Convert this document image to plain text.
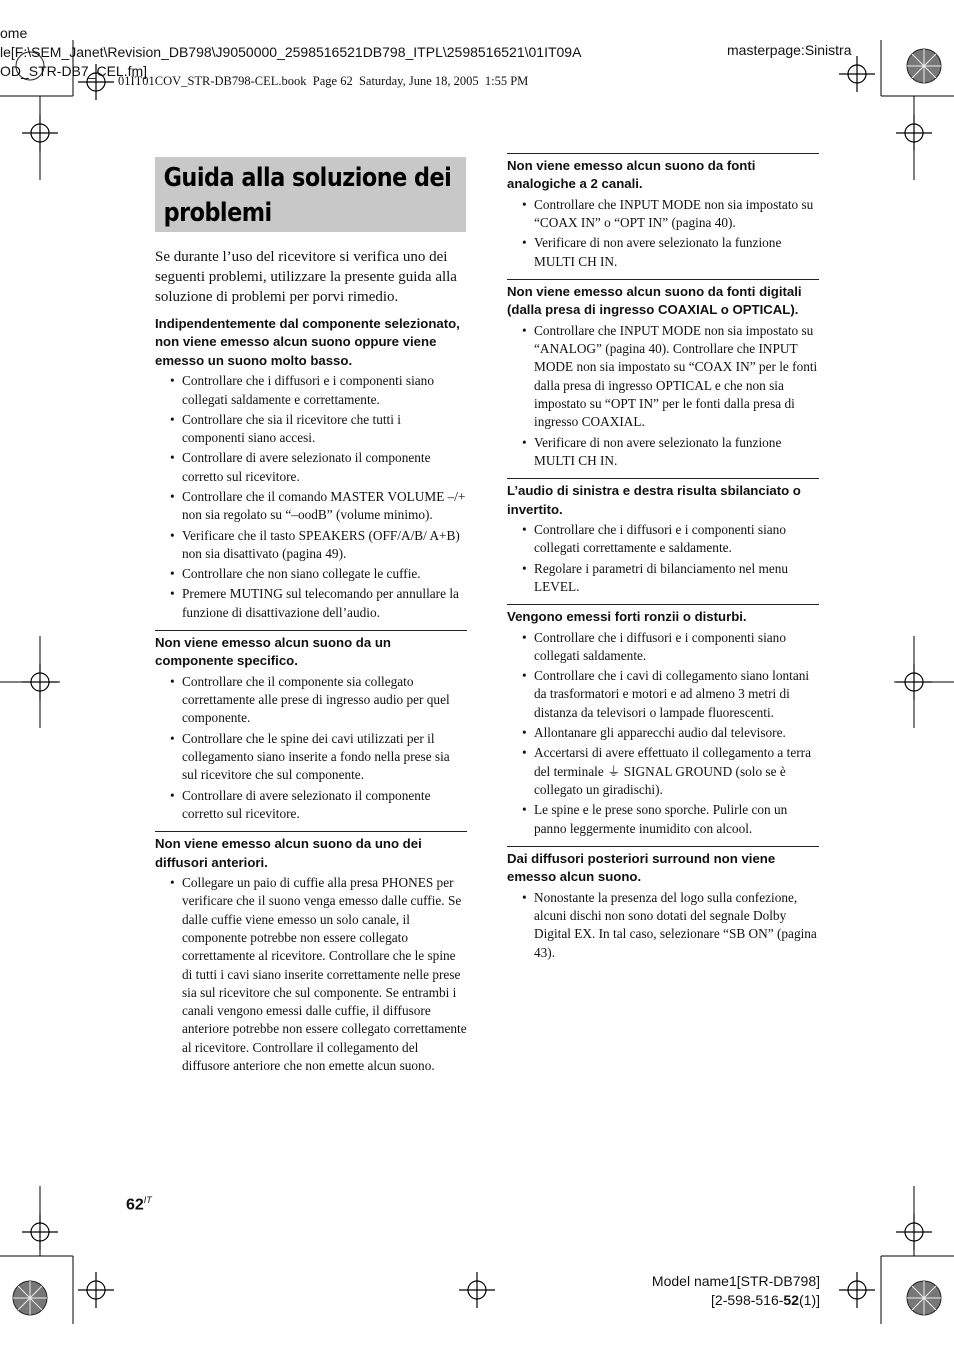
ome
le[F:\SEM_Janet\Revision_DB798\J9050000_2598516521DB798_ITPL\2598516521\01IT09A
OD_STR-DB7_CEL.fm]
masterpage:Sinistra
01IT01COV_STR-DB798-CEL.book  Page 62  Saturday, June 18, 2005  1:55 PM
Guida alla soluzione dei problemi

Se durante l’uso del ricevitore si verifica uno dei seguenti problemi, utilizzare la presente guida alla soluzione di problemi per porvi rimedio.

Indipendentemente dal componente selezionato, non viene emesso alcun suono oppure viene emesso un suono molto basso.
• Controllare che i diffusori e i componenti siano collegati saldamente e correttamente.
• Controllare che sia il ricevitore che tutti i componenti siano accesi.
• Controllare di avere selezionato il componente corretto sul ricevitore.
• Controllare che il comando MASTER VOLUME –/+ non sia regolato su “–oodB” (volume minimo).
• Verificare che il tasto SPEAKERS (OFF/A/B/ A+B) non sia disattivato (pagina 49).
• Controllare che non siano collegate le cuffie.
• Premere MUTING sul telecomando per annullare la funzione di disattivazione dell’audio.
Non viene emesso alcun suono da un componente specifico.
• Controllare che il componente sia collegato correttamente alle prese di ingresso audio per quel componente.
• Controllare che le spine dei cavi utilizzati per il collegamento siano inserite a fondo nella prese sia sul ricevitore che sul componente.
• Controllare di avere selezionato il componente corretto sul ricevitore.
Non viene emesso alcun suono da uno dei diffusori anteriori.
• Collegare un paio di cuffie alla presa PHONES per verificare che il suono venga emesso dalle cuffie. Se dalle cuffie viene emesso un solo canale, il componente potrebbe non essere collegato correttamente al ricevitore. Controllare che le spine di tutti i cavi siano inserite correttamente nelle prese sia sul ricevitore che sul componente. Se entrambi i canali vengono emessi dalle cuffie, il diffusore anteriore potrebbe non essere collegato correttamente al ricevitore. Controllare il collegamento del diffusore anteriore che non emette alcun suono.
Non viene emesso alcun suono da fonti analogiche a 2 canali.
• Controllare che INPUT MODE non sia impostato su “COAX IN” o “OPT IN” (pagina 40).
• Verificare di non avere selezionato la funzione MULTI CH IN.
Non viene emesso alcun suono da fonti digitali (dalla presa di ingresso COAXIAL o OPTICAL).
• Controllare che INPUT MODE non sia impostato su “ANALOG” (pagina 40). Controllare che INPUT MODE non sia impostato su “COAX IN” per le fonti dalla presa di ingresso OPTICAL e che non sia impostato su “OPT IN” per le fonti dalla presa di ingresso COAXIAL.
• Verificare di non avere selezionato la funzione MULTI CH IN.
L’audio di sinistra e destra risulta sbilanciato o invertito.
• Controllare che i diffusori e i componenti siano collegati correttamente e saldamente.
• Regolare i parametri di bilanciamento nel menu LEVEL.
Vengono emessi forti ronzii o disturbi.
• Controllare che i diffusori e i componenti siano collegati saldamente.
• Controllare che i cavi di collegamento siano lontani da trasformatori e motori e ad almeno 3 metri di distanza da televisori o lampade fluorescenti.
• Allontanare gli apparecchi audio dal televisore.
• Accertarsi di avere effettuato il collegamento a terra del terminale ⏚ SIGNAL GROUND (solo se è collegato un giradischi).
• Le spine e le prese sono sporche. Pulirle con un panno leggermente inumidito con alcool.
Dai diffusori posteriori surround non viene emesso alcun suono.
• Nonostante la presenza del logo sulla confezione, alcuni dischi non sono dotati del segnale Dolby Digital EX. In tal caso, selezionare “SB ON” (pagina 43).
$62^{IT}$
Model name1[STR-DB798]
[2-598-516-52(1)]
